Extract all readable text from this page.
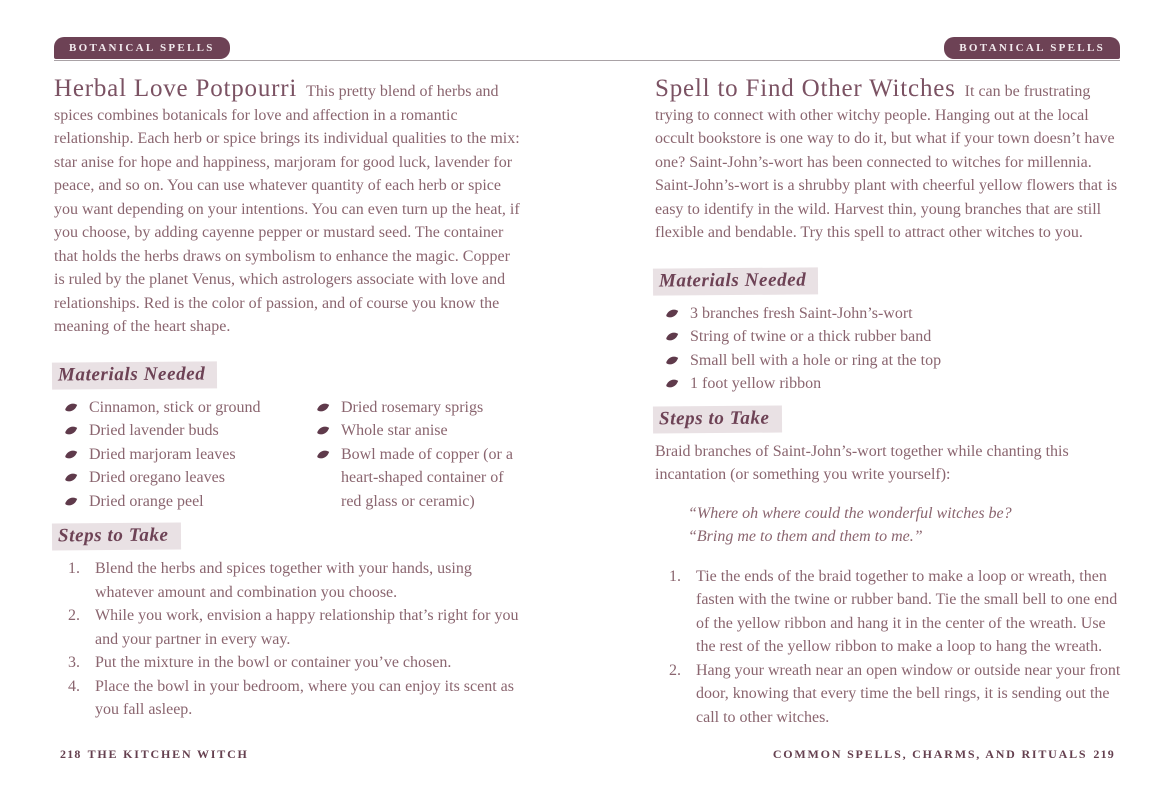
BOTANICAL SPELLS	BOTANICAL SPELLS

Herbal Love Potpourri This pretty blend of herbs and spices combines botanicals for love and affection in a romantic relationship. Each herb or spice brings its individual qualities to the mix: star anise for hope and happiness, marjoram for good luck, lavender for peace, and so on. You can use whatever quantity of each herb or spice you want depending on your intentions. You can even turn up the heat, if you choose, by adding cayenne pepper or mustard seed. The container that holds the herbs draws on symbolism to enhance the magic. Copper is ruled by the planet Venus, which astrologers associate with love and relationships. Red is the color of passion, and of course you know the meaning of the heart shape.

Materials Needed
Cinnamon, stick or ground
Dried lavender buds
Dried marjoram leaves
Dried oregano leaves
Dried orange peel
Dried rosemary sprigs
Whole star anise
Bowl made of copper (or a heart-shaped container of red glass or ceramic)
Steps to Take
Blend the herbs and spices together with your hands, using whatever amount and combination you choose.
While you work, envision a happy relationship that’s right for you and your partner in every way.
Put the mixture in the bowl or container you’ve chosen.
Place the bowl in your bedroom, where you can enjoy its scent as you fall asleep.

Spell to Find Other Witches It can be frustrating trying to connect with other witchy people. Hanging out at the local occult bookstore is one way to do it, but what if your town doesn’t have one? Saint-John’s-wort has been connected to witches for millennia. Saint-John’s-wort is a shrubby plant with cheerful yellow flowers that is easy to identify in the wild. Harvest thin, young branches that are still flexible and bendable. Try this spell to attract other witches to you.

Materials Needed
3 branches fresh Saint-John’s-wort
String of twine or a thick rubber band
Small bell with a hole or ring at the top
1 foot yellow ribbon
Steps to Take

Braid branches of Saint-John’s-wort together while chanting this incantation (or something you write yourself):

“Where oh where could the wonderful witches be?
“Bring me to them and them to me.”
Tie the ends of the braid together to make a loop or wreath, then fasten with the twine or rubber band. Tie the small bell to one end of the yellow ribbon and hang it in the center of the wreath. Use the rest of the yellow ribbon to make a loop to hang the wreath.
Hang your wreath near an open window or outside near your front door, knowing that every time the bell rings, it is sending out the call to other witches.
218 THE KITCHEN WITCH	COMMON SPELLS, CHARMS, AND RITUALS 219
